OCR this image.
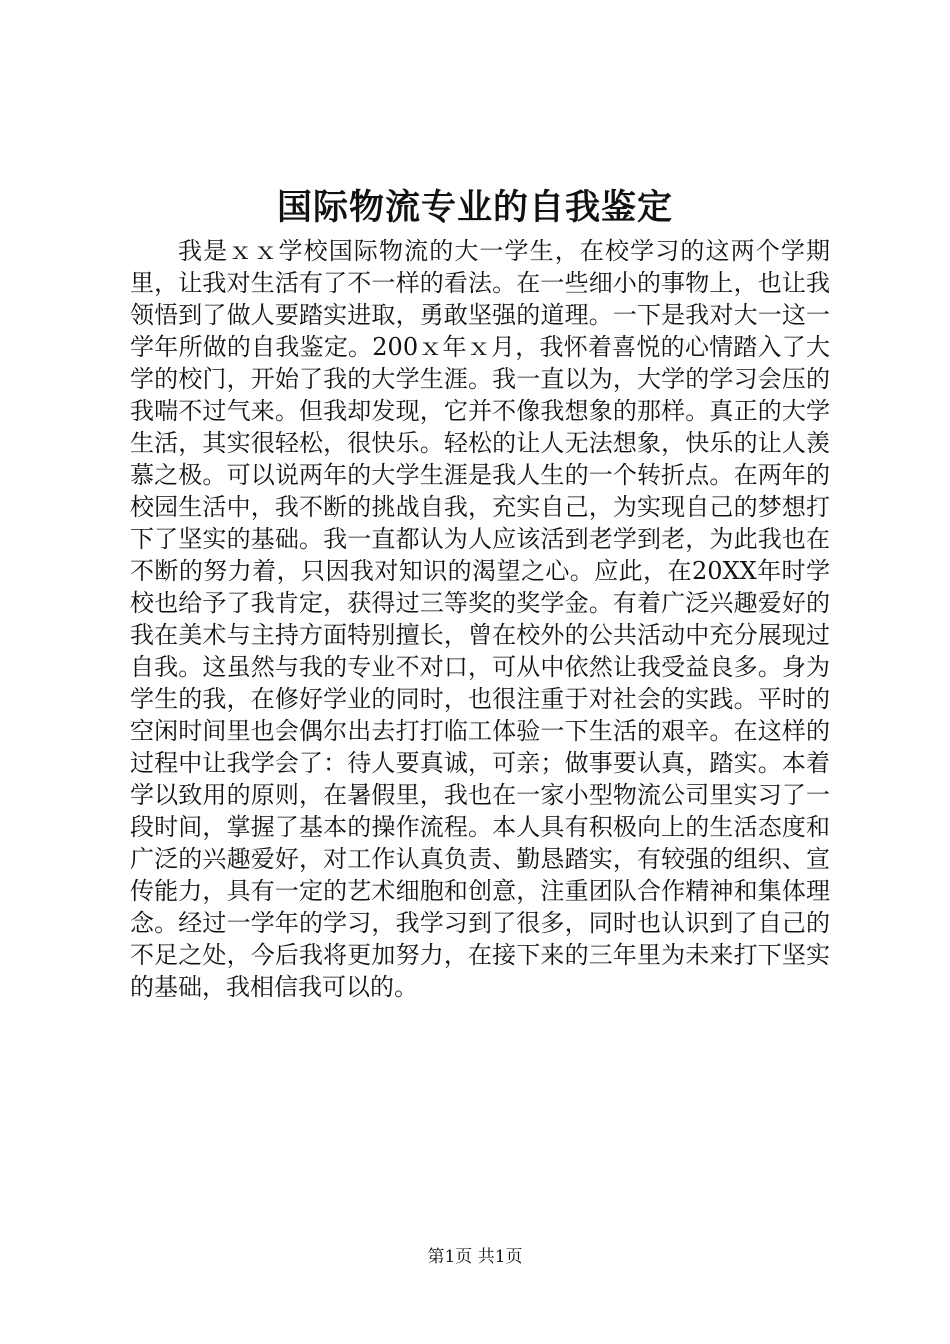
国际物流专业的自我鉴定

我是ｘｘ学校国际物流的大一学生，在校学习的这两个学期里，让我对生活有了不一样的看法。在一些细小的事物上，也让我领悟到了做人要踏实进取，勇敢坚强的道理。一下是我对大一这一学年所做的自我鉴定。200ｘ年ｘ月，我怀着喜悦的心情踏入了大学的校门，开始了我的大学生涯。我一直以为，大学的学习会压的我喘不过气来。但我却发现，它并不像我想象的那样。真正的大学生活，其实很轻松，很快乐。轻松的让人无法想象，快乐的让人羡慕之极。可以说两年的大学生涯是我人生的一个转折点。在两年的校园生活中，我不断的挑战自我，充实自己，为实现自己的梦想打下了坚实的基础。我一直都认为人应该活到老学到老，为此我也在不断的努力着，只因我对知识的渴望之心。应此，在20XX年时学校也给予了我肯定，获得过三等奖的奖学金。有着广泛兴趣爱好的我在美术与主持方面特别擅长，曾在校外的公共活动中充分展现过自我。这虽然与我的专业不对口，可从中依然让我受益良多。身为学生的我，在修好学业的同时，也很注重于对社会的实践。平时的空闲时间里也会偶尔出去打打临工体验一下生活的艰辛。在这样的过程中让我学会了：待人要真诚，可亲；做事要认真，踏实。本着学以致用的原则，在暑假里，我也在一家小型物流公司里实习了一段时间，掌握了基本的操作流程。本人具有积极向上的生活态度和广泛的兴趣爱好，对工作认真负责、勤恳踏实，有较强的组织、宣传能力，具有一定的艺术细胞和创意，注重团队合作精神和集体理念。经过一学年的学习，我学习到了很多，同时也认识到了自己的不足之处，今后我将更加努力，在接下来的三年里为未来打下坚实的基础，我相信我可以的。

第1页 共1页
